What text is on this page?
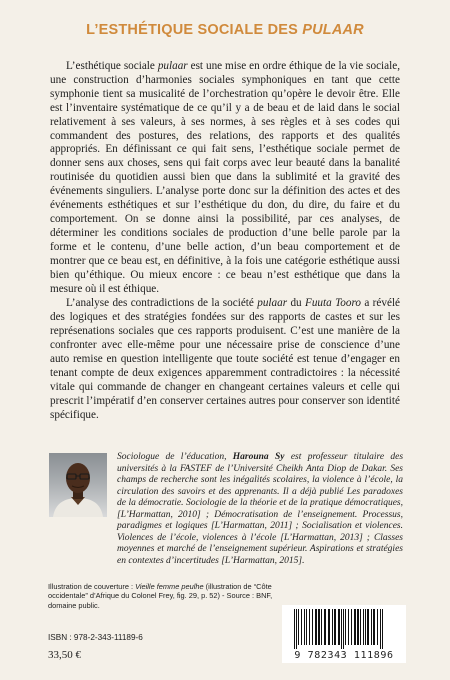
L’ESTHÉTIQUE SOCIALE DES PULAAR

L’esthétique sociale pulaar est une mise en ordre éthique de la vie sociale, une construction d’harmonies sociales symphoniques en tant que cette symphonie tient sa musicalité de l’orchestration qu’opère le devoir être. Elle est l’inventaire systématique de ce qu’il y a de beau et de laid dans le social relativement à ses valeurs, à ses normes, à ses règles et à ses codes qui commandent des postures, des relations, des rapports et des qualités appropriés. En définissant ce qui fait sens, l’esthétique sociale permet de donner sens aux choses, sens qui fait corps avec leur beauté dans la banalité routinisée du quotidien aussi bien que dans la sublimité et la gravité des événements singuliers. L’analyse porte donc sur la définition des actes et des événements esthétiques et sur l’esthétique du don, du dire, du faire et du comportement. On se donne ainsi la possibilité, par ces analyses, de déterminer les conditions sociales de production d’une belle parole par la forme et le contenu, d’une belle action, d’un beau comportement et de montrer que ce beau est, en définitive, à la fois une catégorie esthétique aussi bien qu’éthique. Ou mieux encore : ce beau n’est esthétique que dans la mesure où il est éthique.

L’analyse des contradictions de la société pulaar du Fuuta Tooro a révélé des logiques et des stratégies fondées sur des rapports de castes et sur les représenations sociales que ces rapports produisent. C’est une manière de la confronter avec elle-même pour une nécessaire prise de conscience d’une auto remise en question intelligente que toute société est tenue d’engager en tenant compte de deux exigences apparemment contradictoires : la nécessité vitale qui commande de changer en changeant certaines valeurs et celle qui prescrit l’impératif d’en conserver certaines autres pour conserver son identité spécifique.

Sociologue de l’éducation, Harouna Sy est professeur titulaire des universités à la FASTEF de l’Université Cheikh Anta Diop de Dakar. Ses champs de recherche sont les inégalités scolaires, la violence à l’école, la circulation des savoirs et des apprenants. Il a déjà publié Les paradoxes de la démocratie. Sociologie de la théorie et de la pratique démocratiques, [L’Harmattan, 2010] ; Démocratisation de l’enseignement. Processus, paradigmes et logiques [L’Harmattan, 2011] ; Socialisation et violences. Violences de l’école, violences à l’école [L’Harmattan, 2013] ; Classes moyennes et marché de l’enseignement supérieur. Aspirations et stratégies en contextes d’incertitudes [L’Harmattan, 2015].
Illustration de couverture : Vieille femme peulhe (illustration de “Côte occidentale” d’Afrique du Colonel Frey, fig. 29, p. 52) - Source : BNF, domaine public.
ISBN : 978-2-343-11189-6
33,50 €	9 782343 111896
